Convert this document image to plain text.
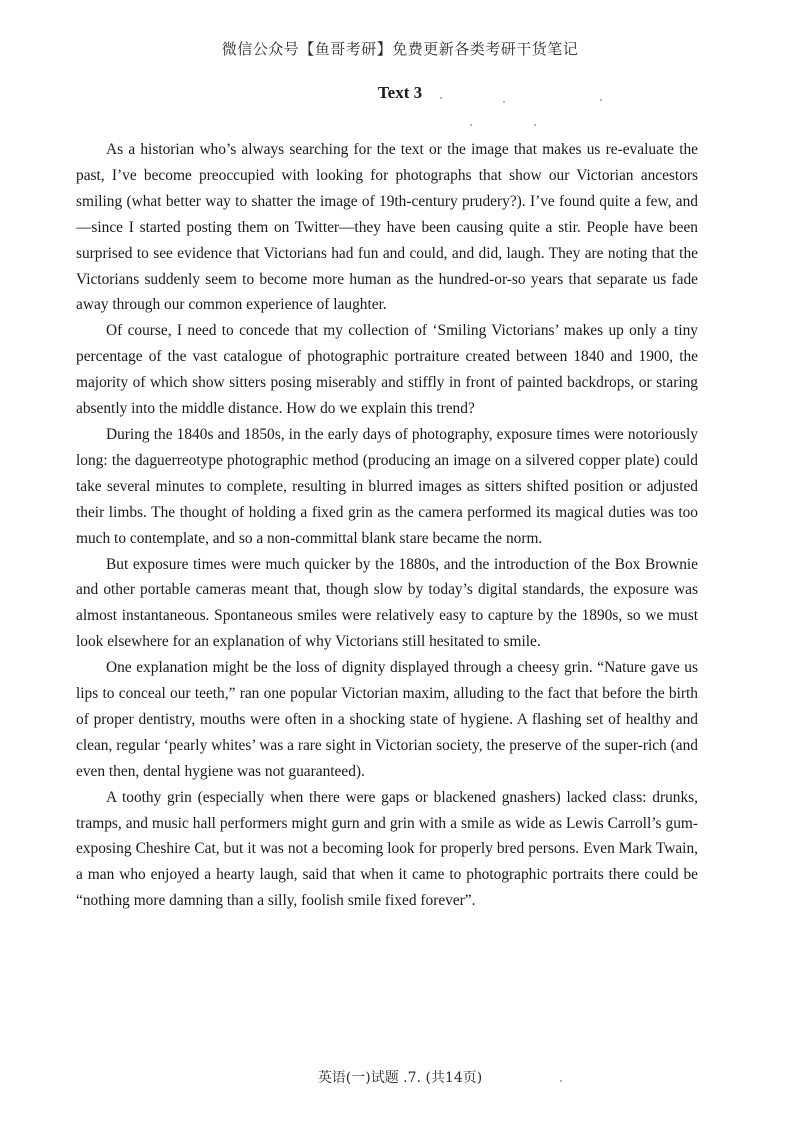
微信公众号【鱼哥考研】免费更新各类考研干货笔记
Text 3

As a historian who’s always searching for the text or the image that makes us re-evaluate the past, I’ve become preoccupied with looking for photographs that show our Victorian ancestors smiling (what better way to shatter the image of 19th-century prudery?). I’ve found quite a few, and—since I started posting them on Twitter—they have been causing quite a stir. People have been surprised to see evidence that Victorians had fun and could, and did, laugh. They are noting that the Victorians suddenly seem to become more human as the hundred-or-so years that separate us fade away through our common experience of laughter.

Of course, I need to concede that my collection of ‘Smiling Victorians’ makes up only a tiny percentage of the vast catalogue of photographic portraiture created between 1840 and 1900, the majority of which show sitters posing miserably and stiffly in front of painted backdrops, or staring absently into the middle distance. How do we explain this trend?

During the 1840s and 1850s, in the early days of photography, exposure times were notoriously long: the daguerreotype photographic method (producing an image on a silvered copper plate) could take several minutes to complete, resulting in blurred images as sitters shifted position or adjusted their limbs. The thought of holding a fixed grin as the camera performed its magical duties was too much to contemplate, and so a non-committal blank stare became the norm.

But exposure times were much quicker by the 1880s, and the introduction of the Box Brownie and other portable cameras meant that, though slow by today’s digital standards, the exposure was almost instantaneous. Spontaneous smiles were relatively easy to capture by the 1890s, so we must look elsewhere for an explanation of why Victorians still hesitated to smile.

One explanation might be the loss of dignity displayed through a cheesy grin. “Nature gave us lips to conceal our teeth,” ran one popular Victorian maxim, alluding to the fact that before the birth of proper dentistry, mouths were often in a shocking state of hygiene. A flashing set of healthy and clean, regular ‘pearly whites’ was a rare sight in Victorian society, the preserve of the super-rich (and even then, dental hygiene was not guaranteed).

A toothy grin (especially when there were gaps or blackened gnashers) lacked class: drunks, tramps, and music hall performers might gurn and grin with a smile as wide as Lewis Carroll’s gum-exposing Cheshire Cat, but it was not a becoming look for properly bred persons. Even Mark Twain, a man who enjoyed a hearty laugh, said that when it came to photographic portraits there could be “nothing more damning than a silly, foolish smile fixed forever”.

英语(一)试题 .7. (共14页)
